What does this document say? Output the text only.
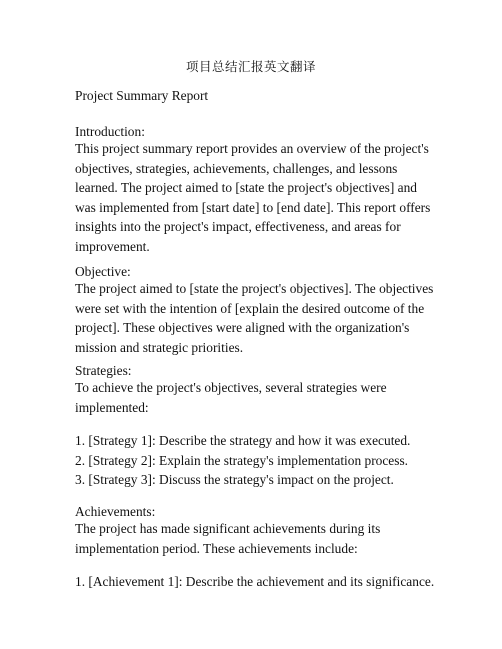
项目总结汇报英文翻译
Project Summary Report
Introduction:
This project summary report provides an overview of the project's
objectives, strategies, achievements, challenges, and lessons
learned. The project aimed to [state the project's objectives] and
was implemented from [start date] to [end date]. This report offers
insights into the project's impact, effectiveness, and areas for
improvement.
Objective:
The project aimed to [state the project's objectives]. The objectives
were set with the intention of [explain the desired outcome of the
project]. These objectives were aligned with the organization's
mission and strategic priorities.
Strategies:
To achieve the project's objectives, several strategies were
implemented:
1. [Strategy 1]: Describe the strategy and how it was executed.
2. [Strategy 2]: Explain the strategy's implementation process.
3. [Strategy 3]: Discuss the strategy's impact on the project.
Achievements:
The project has made significant achievements during its
implementation period. These achievements include:
1. [Achievement 1]: Describe the achievement and its significance.
